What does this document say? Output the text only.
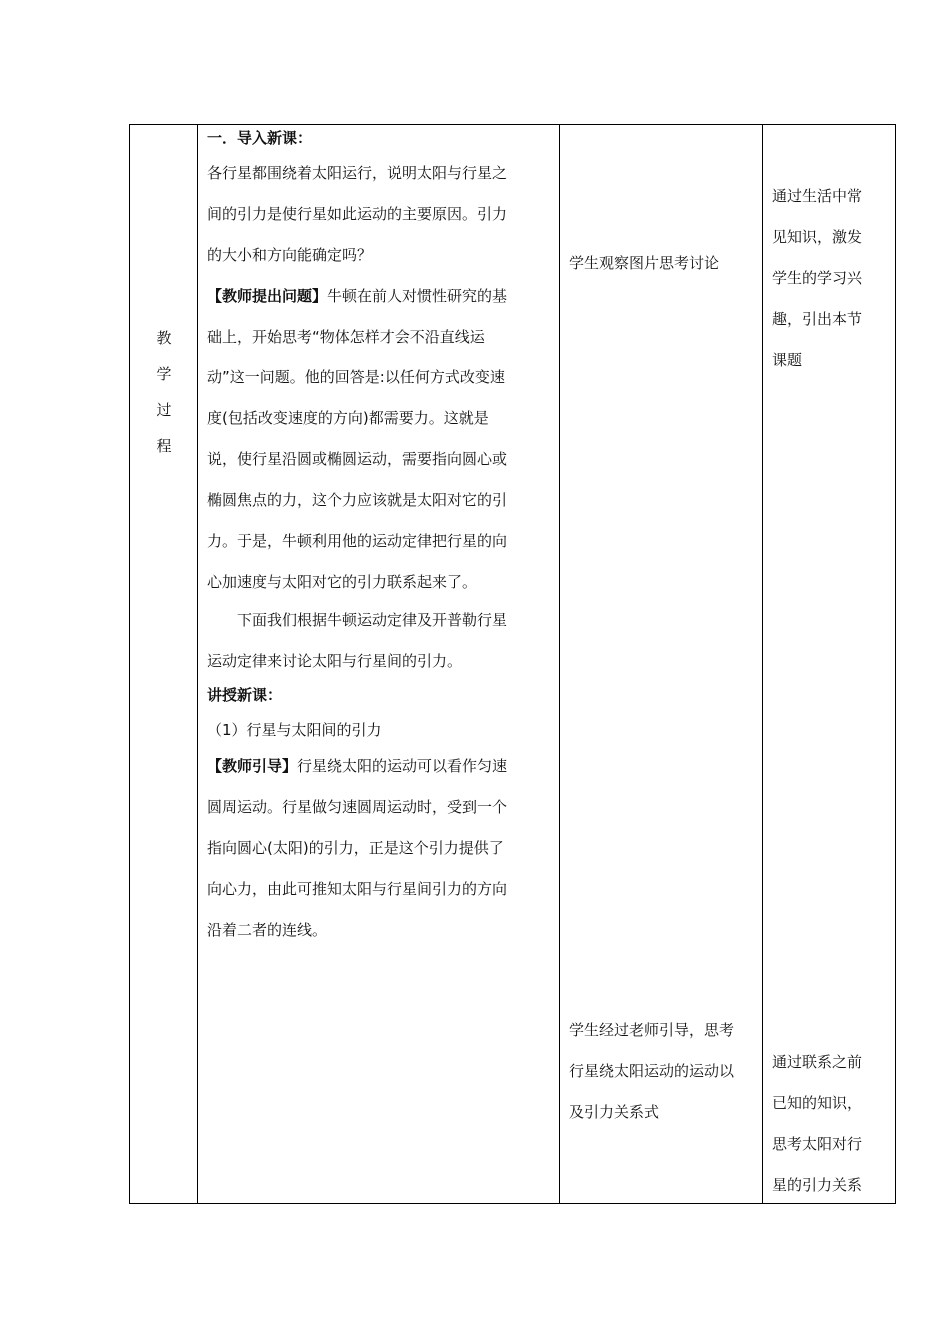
教
学
过
程
一．导入新课：
各行星都围绕着太阳运行，说明太阳与行星之
间的引力是使行星如此运动的主要原因。引力
的大小和方向能确定吗？
【教师提出问题】牛顿在前人对惯性研究的基
础上，开始思考“物体怎样才会不沿直线运
动”这一问题。他的回答是:以任何方式改变速
度(包括改变速度的方向)都需要力。这就是
说，使行星沿圆或椭圆运动，需要指向圆心或
椭圆焦点的力，这个力应该就是太阳对它的引
力。于是，牛顿利用他的运动定律把行星的向
心加速度与太阳对它的引力联系起来了。
下面我们根据牛顿运动定律及开普勒行星
运动定律来讨论太阳与行星间的引力。
讲授新课：
（1）行星与太阳间的引力
【教师引导】行星绕太阳的运动可以看作匀速
圆周运动。行星做匀速圆周运动时，受到一个
指向圆心(太阳)的引力，正是这个引力提供了
向心力，由此可推知太阳与行星间引力的方向
沿着二者的连线。
学生观察图片思考讨论
学生经过老师引导，思考
行星绕太阳运动的运动以
及引力关系式
通过生活中常
见知识，激发
学生的学习兴
趣，引出本节
课题
通过联系之前
已知的知识，
思考太阳对行
星的引力关系
